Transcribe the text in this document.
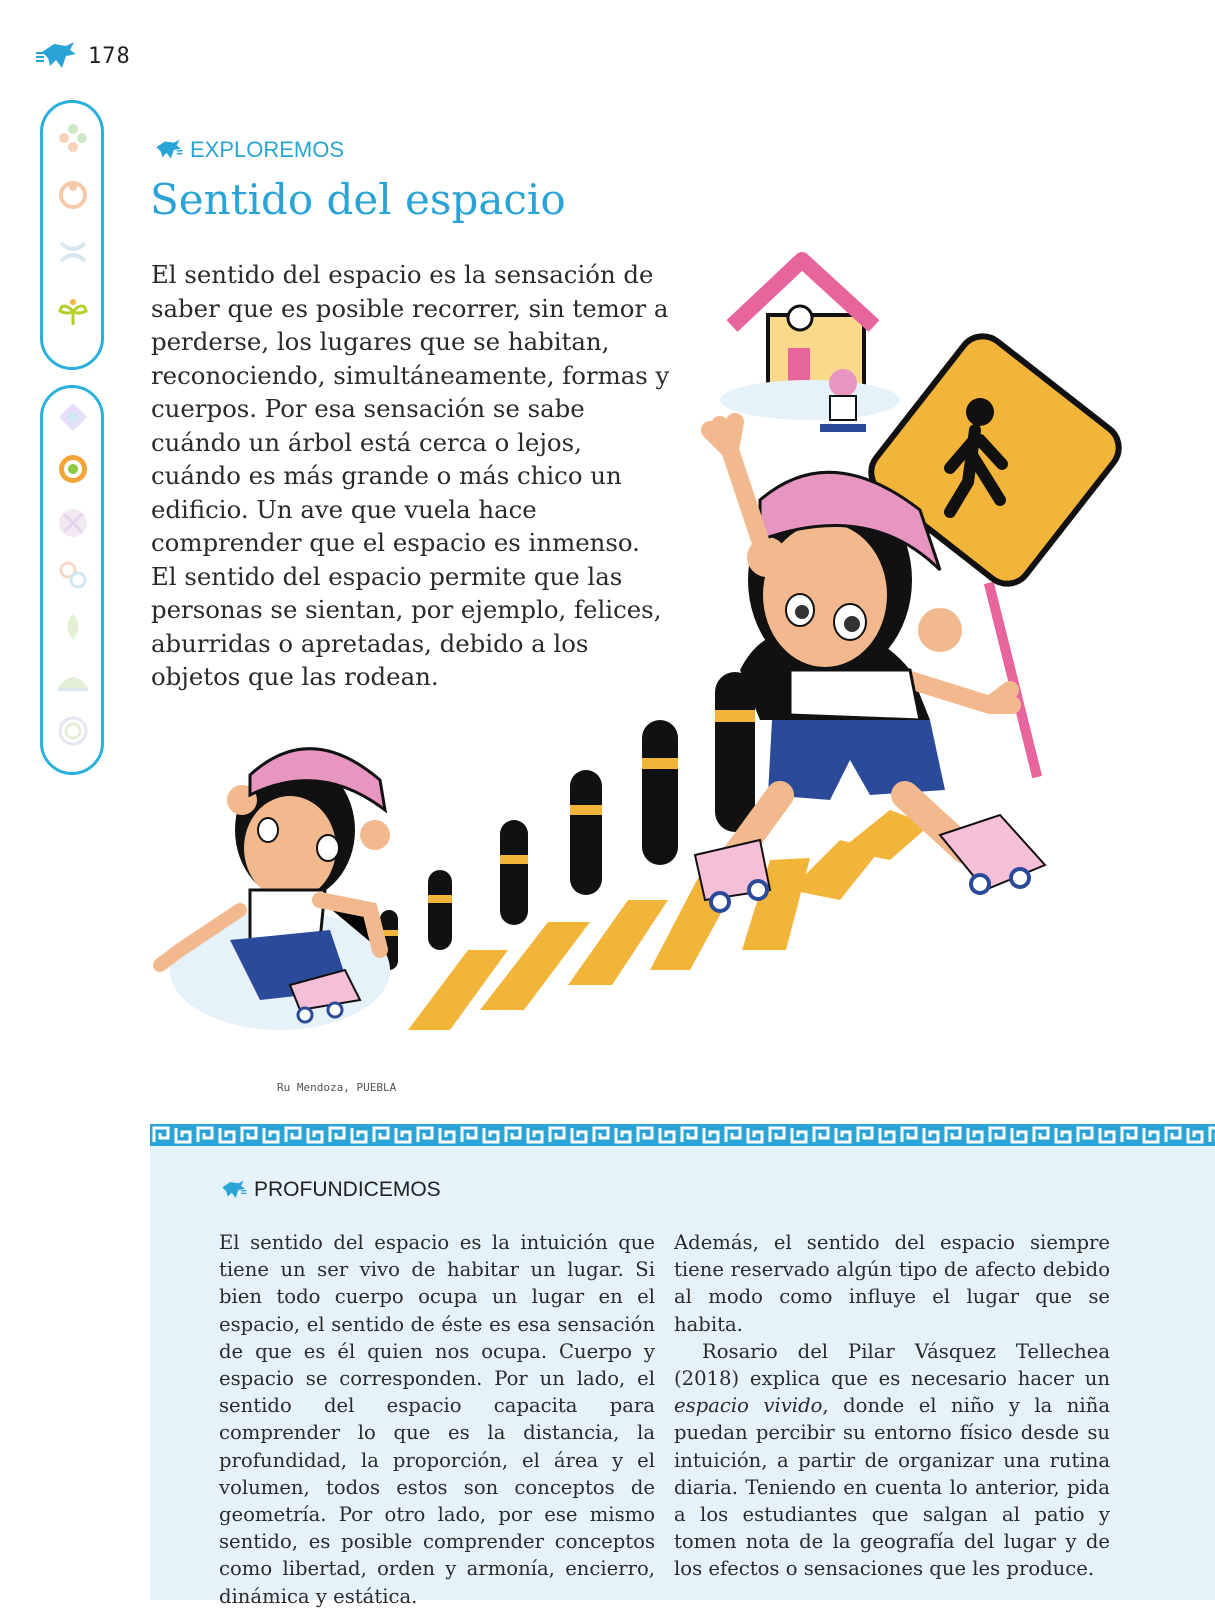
178
EXPLOREMOS
Sentido del espacio

El sentido del espacio es la sensación de saber que es posible recorrer, sin temor a perderse, los lugares que se habitan, reconociendo, simultáneamente, formas y cuerpos. Por esa sensación se sabe cuándo un árbol está cerca o lejos, cuándo es más grande o más chico un edificio. Un ave que vuela hace comprender que el espacio es inmenso. El sentido del espacio permite que las personas se sientan, por ejemplo, felices, aburridas o apretadas, debido a los objetos que las rodean.

Ru Mendoza, PUEBLA
PROFUNDICEMOS

El sentido del espacio es la intuición que tiene un ser vivo de habitar un lugar. Si bien todo cuerpo ocupa un lugar en el espacio, el sentido de éste es esa sensación de que es él quien nos ocupa. Cuerpo y espacio se corresponden. Por un lado, el sentido del espacio capacita para comprender lo que es la distancia, la profundidad, la proporción, el área y el volumen, todos estos son conceptos de geometría. Por otro lado, por ese mismo sentido, es posible comprender conceptos como libertad, orden y armonía, encierro, dinámica y estática.

Además, el sentido del espacio siempre tiene reservado algún tipo de afecto debido al modo como influye el lugar que se habita.

Rosario del Pilar Vásquez Tellechea (2018) explica que es necesario hacer un espacio vivido, donde el niño y la niña puedan percibir su entorno físico desde su intuición, a partir de organizar una rutina diaria. Teniendo en cuenta lo anterior, pida a los estudiantes que salgan al patio y tomen nota de la geografía del lugar y de los efectos o sensaciones que les produce.
